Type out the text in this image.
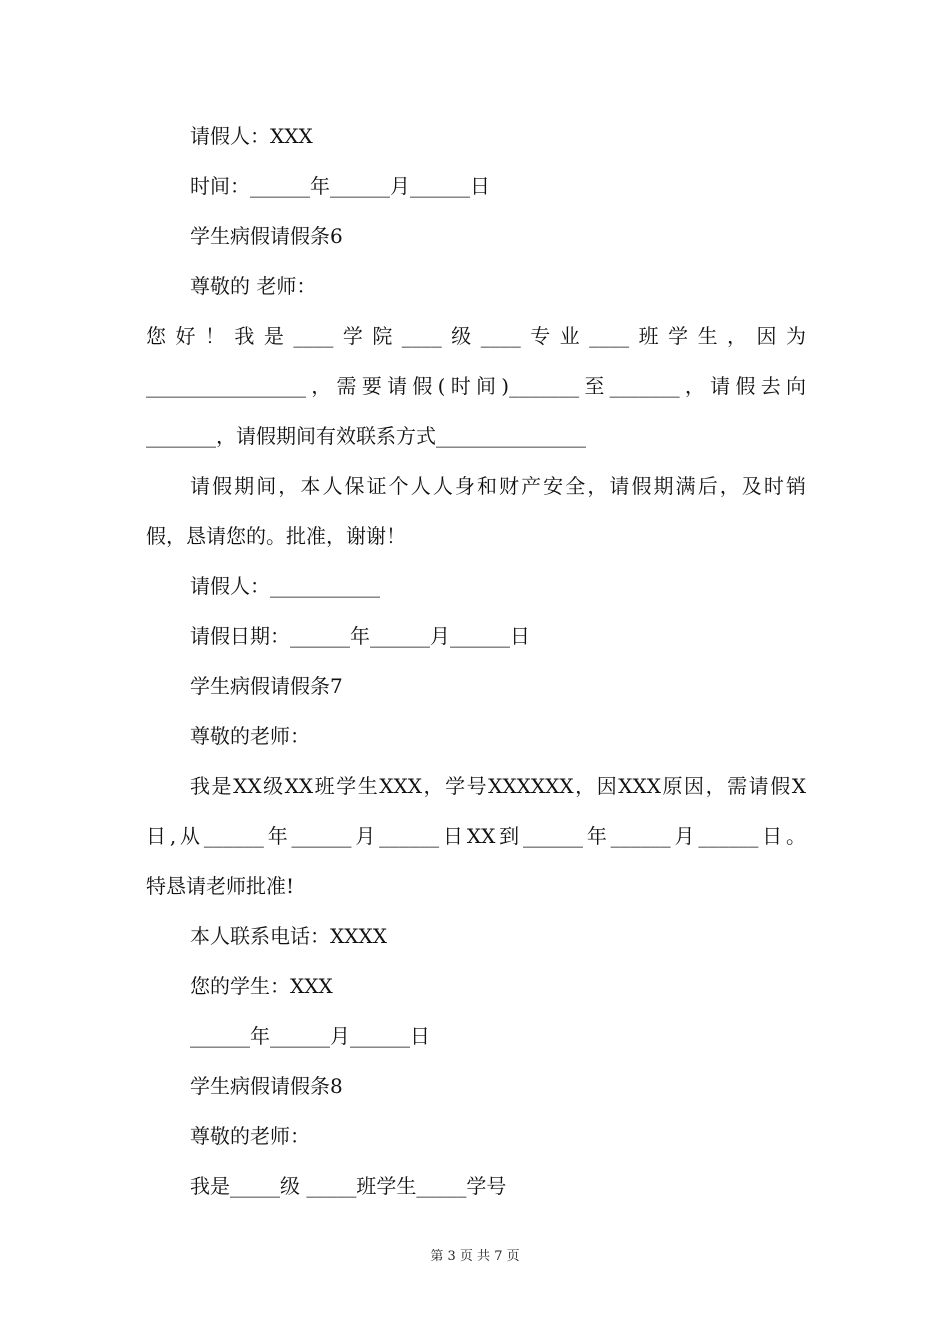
请假人：XXX
时间：______年______月______日
学生病假请假条6
尊敬的 老师：
您好！我是____学院____级____专业____班学生，因为
________________，需要请假(时间)_______至_______，请假去向
_______，请假期间有效联系方式_______________
请假期间，本人保证个人人身和财产安全，请假期满后，及时销
假，恳请您的。批准，谢谢！
请假人：___________
请假日期：______年______月______日
学生病假请假条7
尊敬的老师：
我是XX级XX班学生XXX，学号XXXXXX，因XXX原因，需请假X
日,从______年______月______日XX到______年______月______日。
特恳请老师批准!
本人联系电话：XXXX
您的学生：XXX
______年______月______日
学生病假请假条8
尊敬的老师：
我是_____级 _____班学生_____学号
第 3 页 共 7 页
